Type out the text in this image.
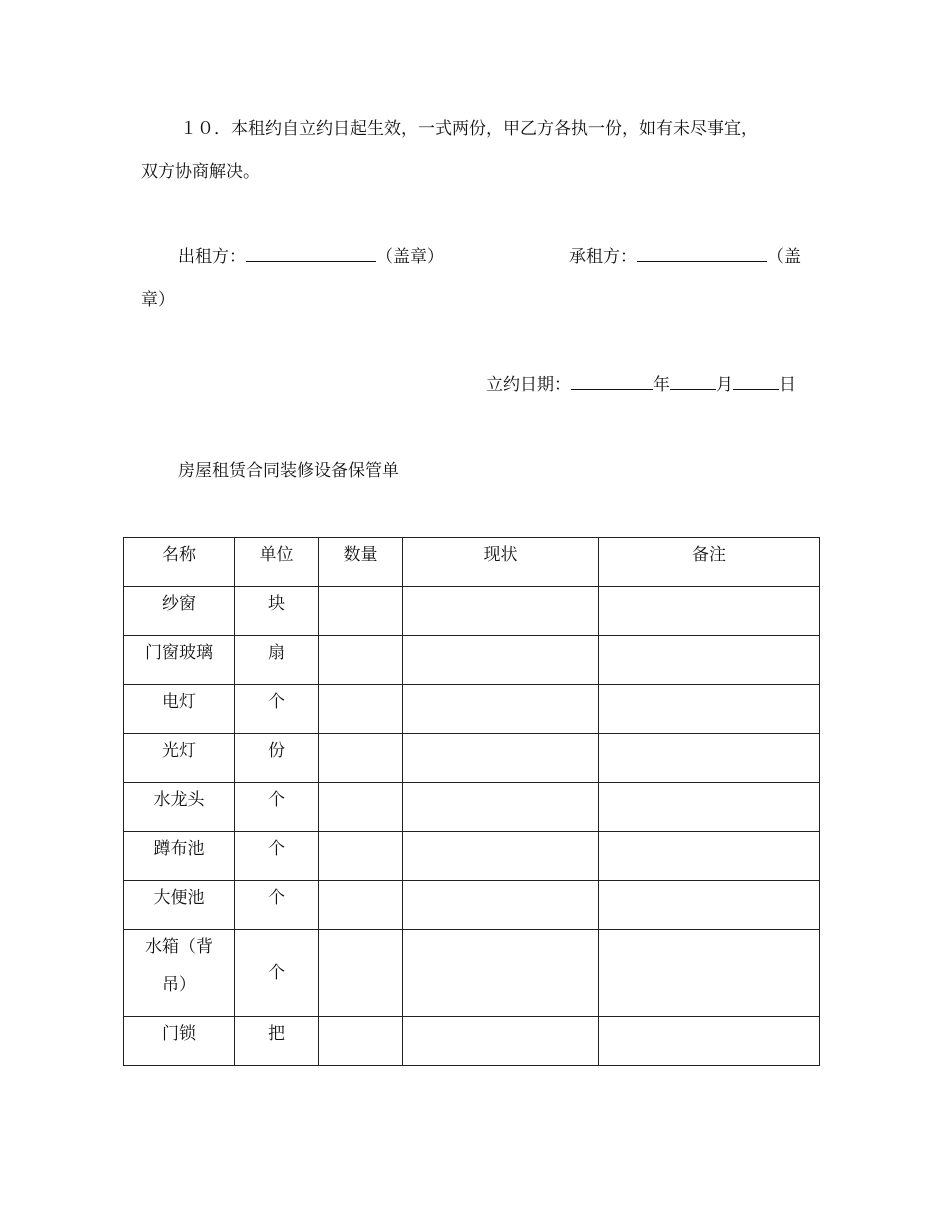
１０．本租约自立约日起生效，一式两份，甲乙方各执一份，如有未尽事宜，
双方协商解决。
出租方：	（盖章）	承租方：	（盖
章）
立约日期：	年	月	日
房屋租赁合同装修设备保管单
名称	单位	数量	现状	备注
纱窗	块			
门窗玻璃	扇			
电灯	个			
光灯	份			
水龙头	个			
蹲布池	个			
大便池	个			

水箱（背
吊）	个			
门锁	把			
